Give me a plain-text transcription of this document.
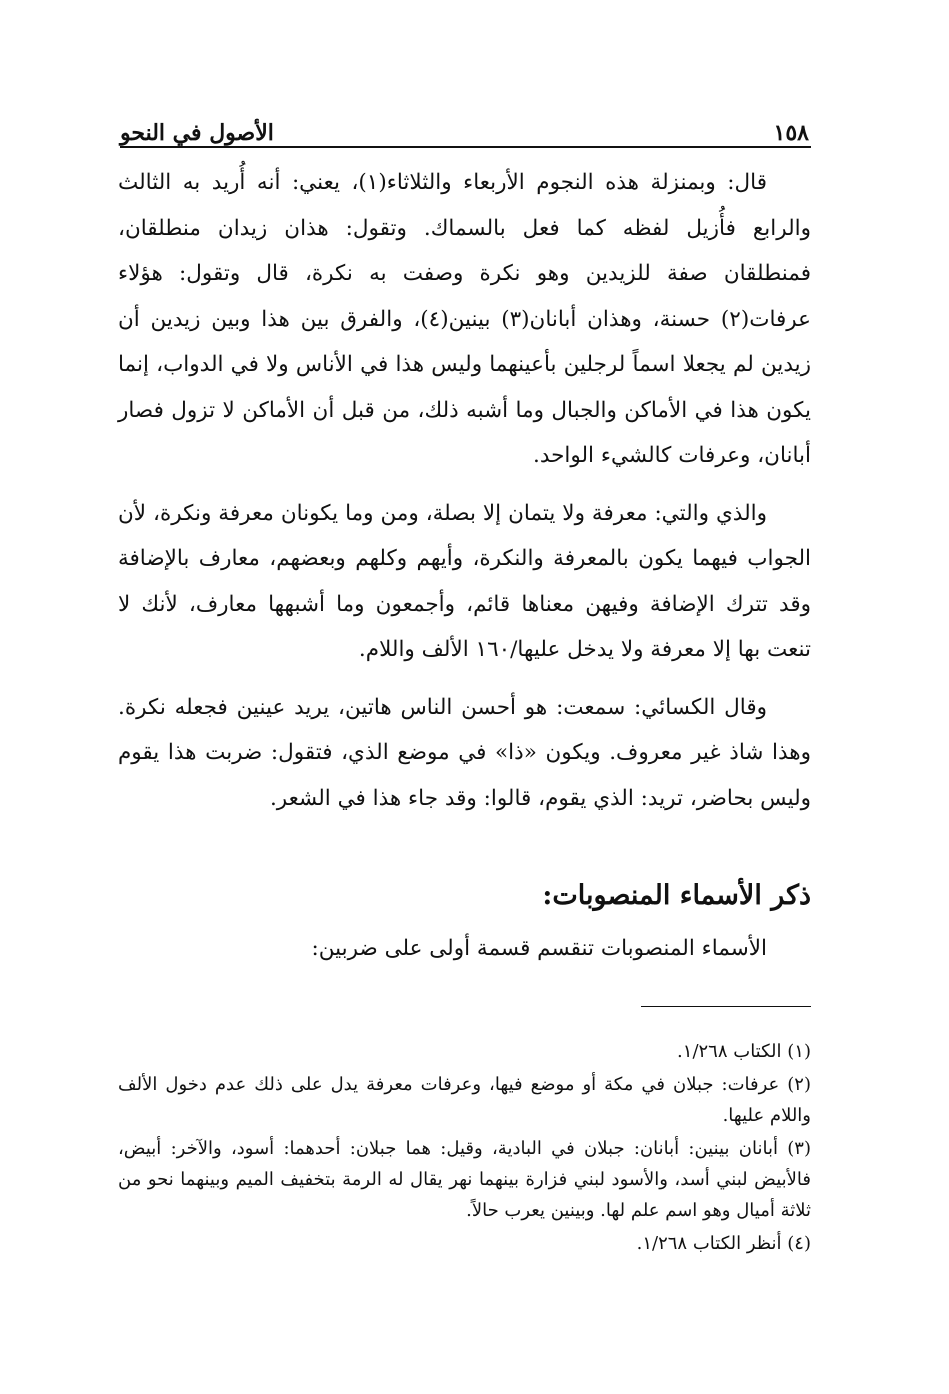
١٥٨
الأصول في النحو

قال: وبمنزلة هذه النجوم الأربعاء والثلاثاء(١)، يعني: أنه أُريد به الثالث والرابع فأُزيل لفظه كما فعل بالسماك. وتقول: هذان زيدان منطلقان، فمنطلقان صفة للزيدين وهو نكرة وصفت به نكرة، قال وتقول: هؤلاء عرفات(٢) حسنة، وهذان أبانان(٣) بينين(٤)، والفرق بين هذا وبين زيدين أن زيدين لم يجعلا اسماً لرجلين بأعينهما وليس هذا في الأناس ولا في الدواب، إنما يكون هذا في الأماكن والجبال وما أشبه ذلك، من قبل أن الأماكن لا تزول فصار أبانان، وعرفات كالشيء الواحد.

والذي والتي: معرفة ولا يتمان إلا بصلة، ومن وما يكونان معرفة ونكرة، لأن الجواب فيهما يكون بالمعرفة والنكرة، وأيهم وكلهم وبعضهم، معارف بالإضافة وقد تترك الإضافة وفيهن معناها قائم، وأجمعون وما أشبهها معارف، لأنك لا تنعت بها إلا معرفة ولا يدخل عليها/١٦٠ الألف واللام.

وقال الكسائي: سمعت: هو أحسن الناس هاتين، يريد عينين فجعله نكرة. وهذا شاذ غير معروف. ويكون «ذا» في موضع الذي، فتقول: ضربت هذا يقوم وليس بحاضر، تريد: الذي يقوم، قالوا: وقد جاء هذا في الشعر.

ذكر الأسماء المنصوبات:
الأسماء المنصوبات تنقسم قسمة أولى على ضربين:

(١) الكتاب ١/٢٦٨.

(٢) عرفات: جبلان في مكة أو موضع فيها، وعرفات معرفة يدل على ذلك عدم دخول الألف واللام عليها.

(٣) أبانان بينين: أبانان: جبلان في البادية، وقيل: هما جبلان: أحدهما: أسود، والآخر: أبيض، فالأبيض لبني أسد، والأسود لبني فزارة بينهما نهر يقال له الرمة بتخفيف الميم وبينهما نحو من ثلاثة أميال وهو اسم علم لها. وبينين يعرب حالاً.

(٤) أنظر الكتاب ١/٢٦٨.
